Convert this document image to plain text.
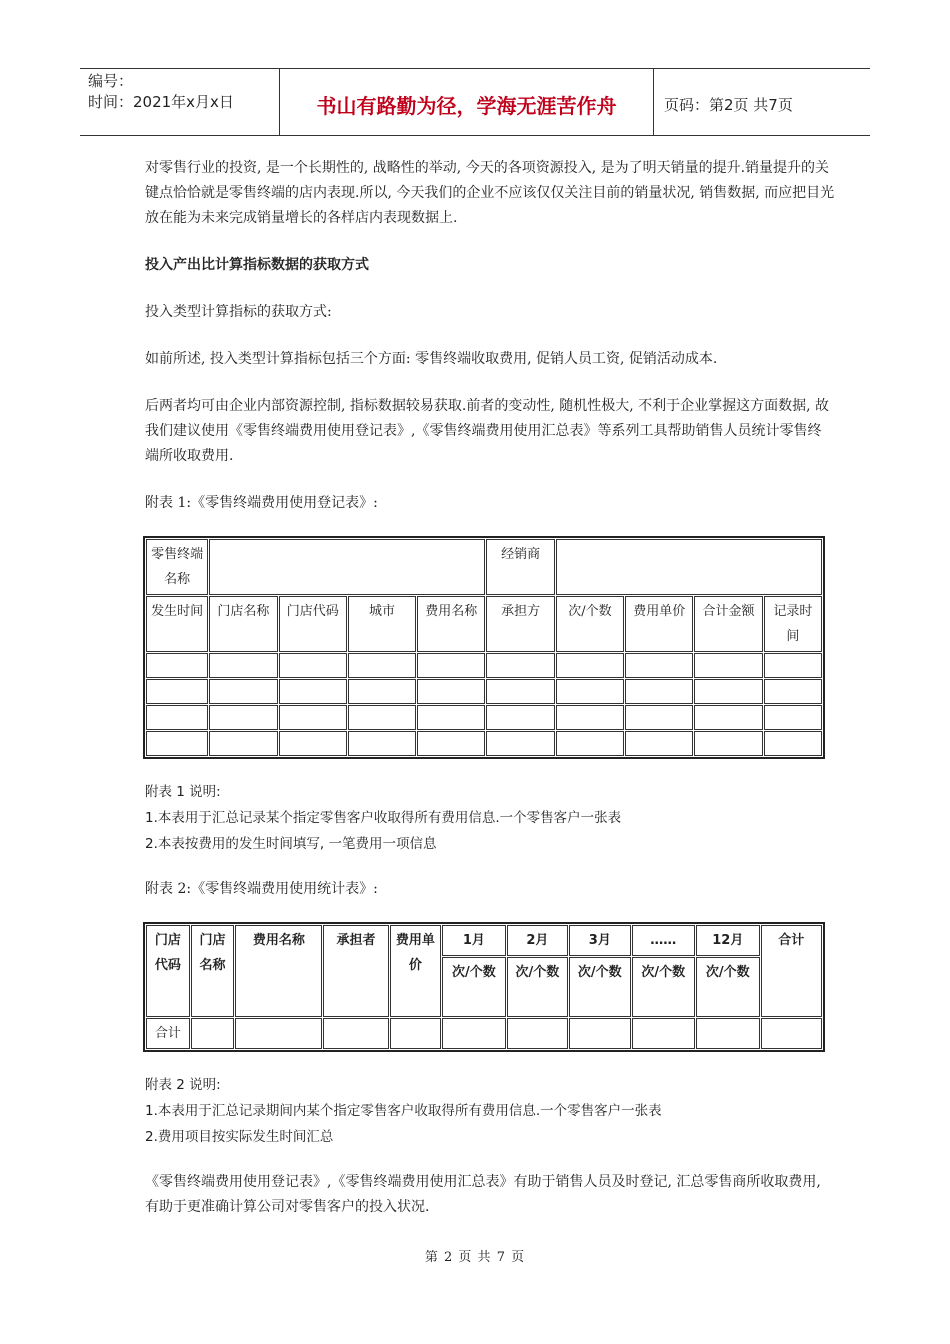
编号：
时间：2021年x月x日	书山有路勤为径，学海无涯苦作舟	页码：第2页 共7页

对零售行业的投资, 是一个长期性的, 战略性的举动, 今天的各项资源投入, 是为了明天销量的提升.销量提升的关键点恰恰就是零售终端的店内表现.所以, 今天我们的企业不应该仅仅关注目前的销量状况, 销售数据, 而应把目光放在能为未来完成销量增长的各样店内表现数据上.

投入产出比计算指标数据的获取方式

投入类型计算指标的获取方式:

如前所述, 投入类型计算指标包括三个方面: 零售终端收取费用, 促销人员工资, 促销活动成本.

后两者均可由企业内部资源控制, 指标数据较易获取.前者的变动性, 随机性极大, 不利于企业掌握这方面数据, 故我们建议使用《零售终端费用使用登记表》,《零售终端费用使用汇总表》等系列工具帮助销售人员统计零售终端所收取费用.

附表 1:《零售终端费用使用登记表》:

零售终端名称					经销商				
发生时间	门店名称	门店代码	城市	费用名称	承担方	次/个数	费用单价	合计金额	记录时间

附表 1 说明:

1.本表用于汇总记录某个指定零售客户收取得所有费用信息.一个零售客户一张表

2.本表按费用的发生时间填写, 一笔费用一项信息

附表 2:《零售终端费用使用统计表》:

门店代码	门店名称	费用名称	承担者	费用单价	1月	2月	3月	……	12月	合计
					次/个数	次/个数	次/个数	次/个数	次/个数	
合计										

附表 2 说明:

1.本表用于汇总记录期间内某个指定零售客户收取得所有费用信息.一个零售客户一张表

2.费用项目按实际发生时间汇总

《零售终端费用使用登记表》,《零售终端费用使用汇总表》有助于销售人员及时登记, 汇总零售商所收取费用, 有助于更准确计算公司对零售客户的投入状况.

第 2 页 共 7 页
